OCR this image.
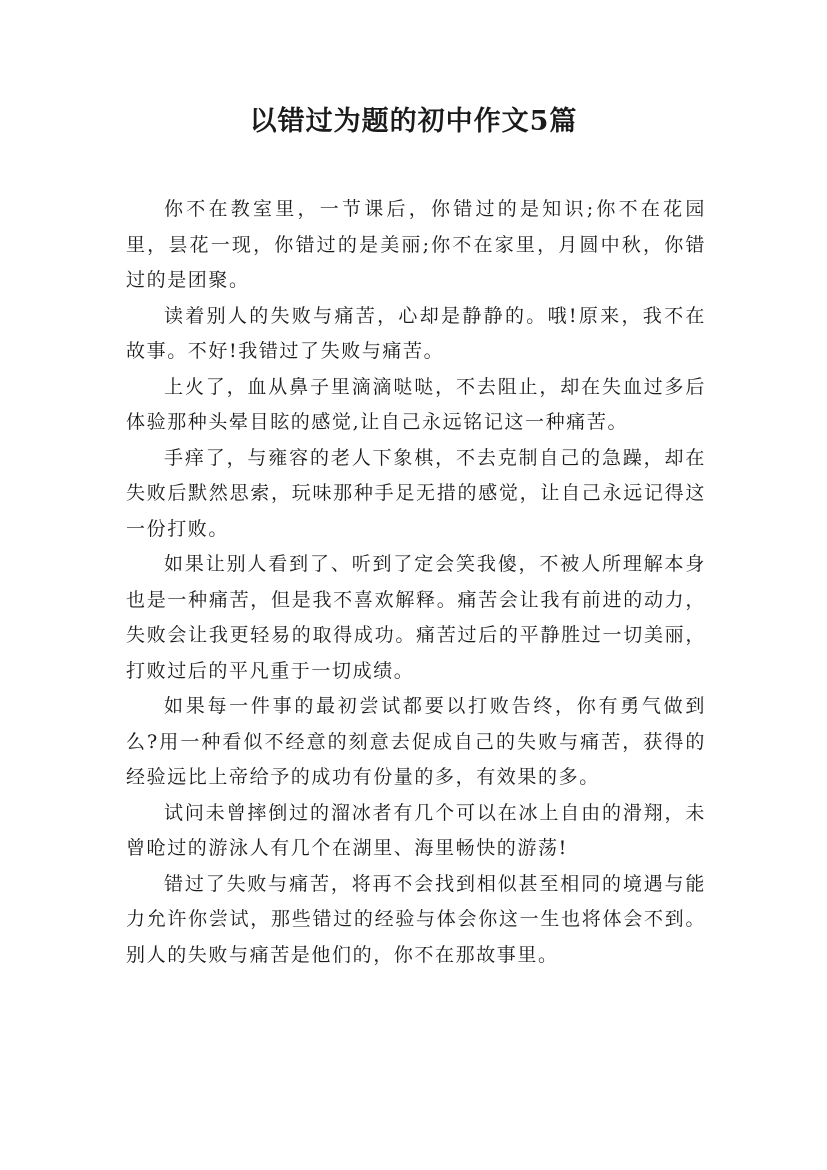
以错过为题的初中作文5篇

你不在教室里，一节课后，你错过的是知识;你不在花园里，昙花一现，你错过的是美丽;你不在家里，月圆中秋，你错过的是团聚。

读着别人的失败与痛苦，心却是静静的。哦!原来，我不在故事。不好!我错过了失败与痛苦。

上火了，血从鼻子里滴滴哒哒，不去阻止，却在失血过多后体验那种头晕目眩的感觉,让自己永远铭记这一种痛苦。

手痒了，与雍容的老人下象棋，不去克制自己的急躁，却在失败后默然思索，玩味那种手足无措的感觉，让自己永远记得这一份打败。

如果让别人看到了、听到了定会笑我傻，不被人所理解本身也是一种痛苦，但是我不喜欢解释。痛苦会让我有前进的动力，失败会让我更轻易的取得成功。痛苦过后的平静胜过一切美丽，打败过后的平凡重于一切成绩。

如果每一件事的最初尝试都要以打败告终，你有勇气做到么?用一种看似不经意的刻意去促成自己的失败与痛苦，获得的经验远比上帝给予的成功有份量的多，有效果的多。

试问未曾摔倒过的溜冰者有几个可以在冰上自由的滑翔，未曾呛过的游泳人有几个在湖里、海里畅快的游荡!

错过了失败与痛苦，将再不会找到相似甚至相同的境遇与能力允许你尝试，那些错过的经验与体会你这一生也将体会不到。别人的失败与痛苦是他们的，你不在那故事里。
